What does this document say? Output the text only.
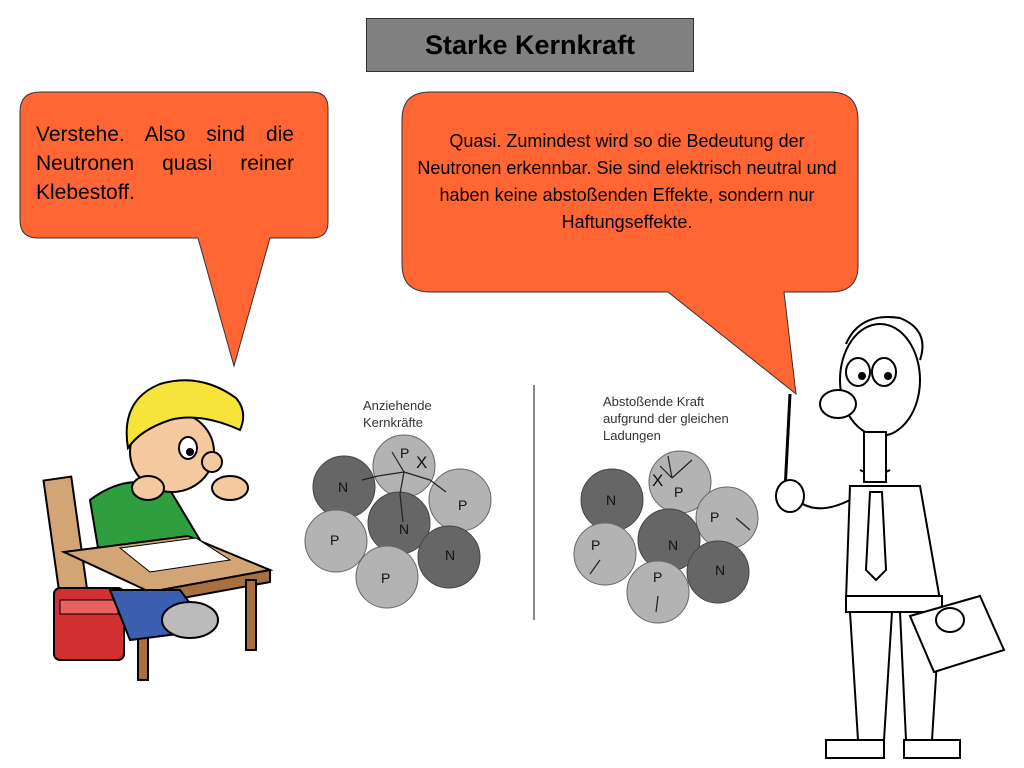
Anziehende
Kernkräfte
N
P
P
N
P
N
P
X
Abstoßende Kraft
aufgrund der gleichen
Ladungen
P
N
P
N
P
N
P
X
Starke Kernkraft
Verstehe. Also sind die Neutronen quasi reiner Klebestoff.
Quasi. Zumindest wird so die Bedeutung der Neutronen erkennbar. Sie sind elektrisch neutral und haben keine abstoßenden Effekte, sondern nur Haftungseffekte.
